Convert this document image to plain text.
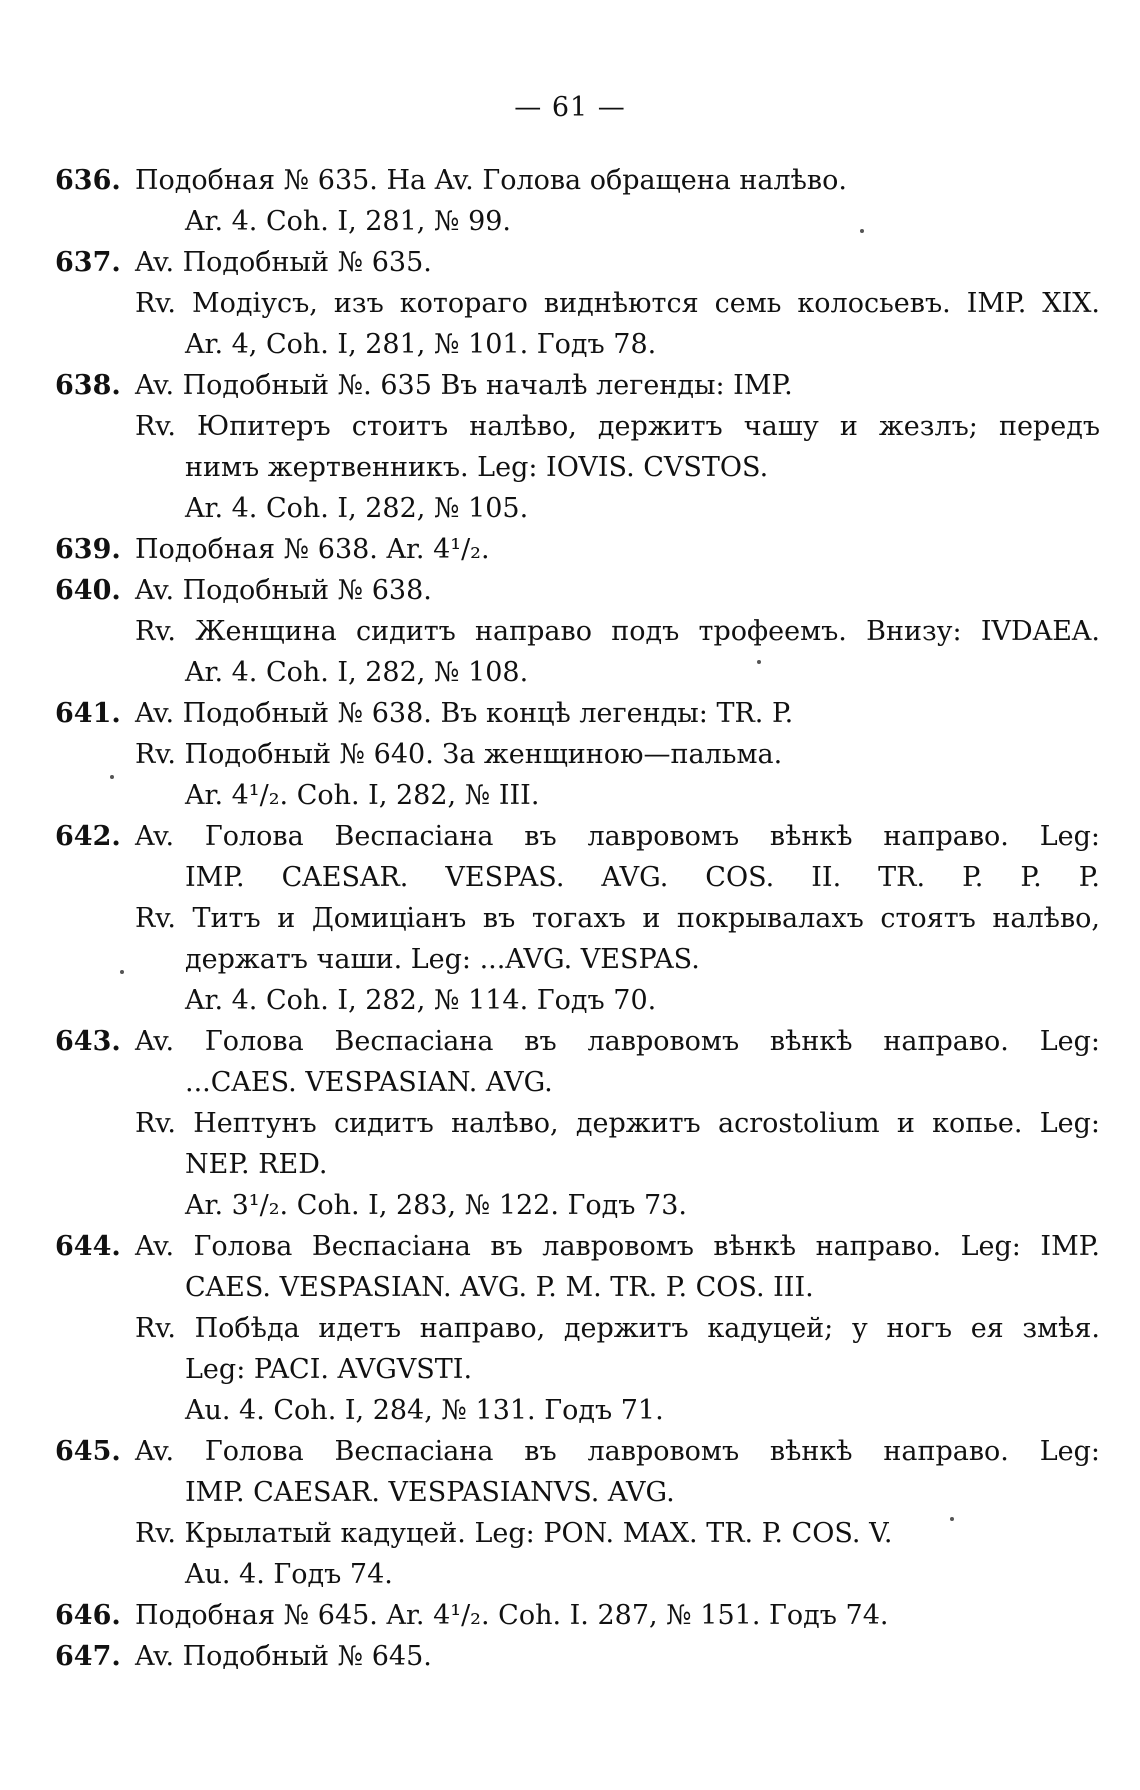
— 61 —
636. Подобная № 635. На Av. Голова обращена налѣво.
Ar. 4. Coh. I, 281, № 99.
637. Av. Подобный № 635.
Rv. Модіусъ, изъ котораго виднѣются семь колосьевъ. IMP. XIX.
Ar. 4, Coh. I, 281, № 101. Годъ 78.
638. Av. Подобный №. 635 Въ началѣ легенды: IMP.
Rv. Юпитеръ стоитъ налѣво, держитъ чашу и жезлъ; передъ
нимъ жертвенникъ. Leg: IOVIS. CVSTOS.
Ar. 4. Coh. I, 282, № 105.
639. Подобная № 638. Ar. 4¹/₂.
640. Av. Подобный № 638.
Rv. Женщина сидитъ направо подъ трофеемъ. Внизу: IVDAEA.
Ar. 4. Coh. I, 282, № 108.
641. Av. Подобный № 638. Въ концѣ легенды: TR. P.
Rv. Подобный № 640. За женщиною—пальма.
Ar. 4¹/₂. Coh. I, 282, № III.
642. Av. Голова Веспасіана въ лавровомъ вѣнкѣ направо. Leg:
IMP. CAESAR. VESPAS. AVG. COS. II. TR. P. P. P.
Rv. Титъ и Домиціанъ въ тогахъ и покрывалахъ стоятъ налѣво,
держатъ чаши. Leg: ...AVG. VESPAS.
Ar. 4. Coh. I, 282, № 114. Годъ 70.
643. Av. Голова Веспасіана въ лавровомъ вѣнкѣ направо. Leg:
...CAES. VESPASIAN. AVG.
Rv. Нептунъ сидитъ налѣво, держитъ acrostolium и копье. Leg:
NEP. RED.
Ar. 3¹/₂. Coh. I, 283, № 122. Годъ 73.
644. Av. Голова Веспасіана въ лавровомъ вѣнкѣ направо. Leg: IMP.
CAES. VESPASIAN. AVG. P. M. TR. P. COS. III.
Rv. Побѣда идетъ направо, держитъ кадуцей; у ногъ ея змѣя.
Leg: PACI. AVGVSTI.
Au. 4. Coh. I, 284, № 131. Годъ 71.
645. Av. Голова Веспасіана въ лавровомъ вѣнкѣ направо. Leg:
IMP. CAESAR. VESPASIANVS. AVG.
Rv. Крылатый кадуцей. Leg: PON. MAX. TR. P. COS. V.
Au. 4. Годъ 74.
646. Подобная № 645. Ar. 4¹/₂. Coh. I. 287, № 151. Годъ 74.
647. Av. Подобный № 645.
